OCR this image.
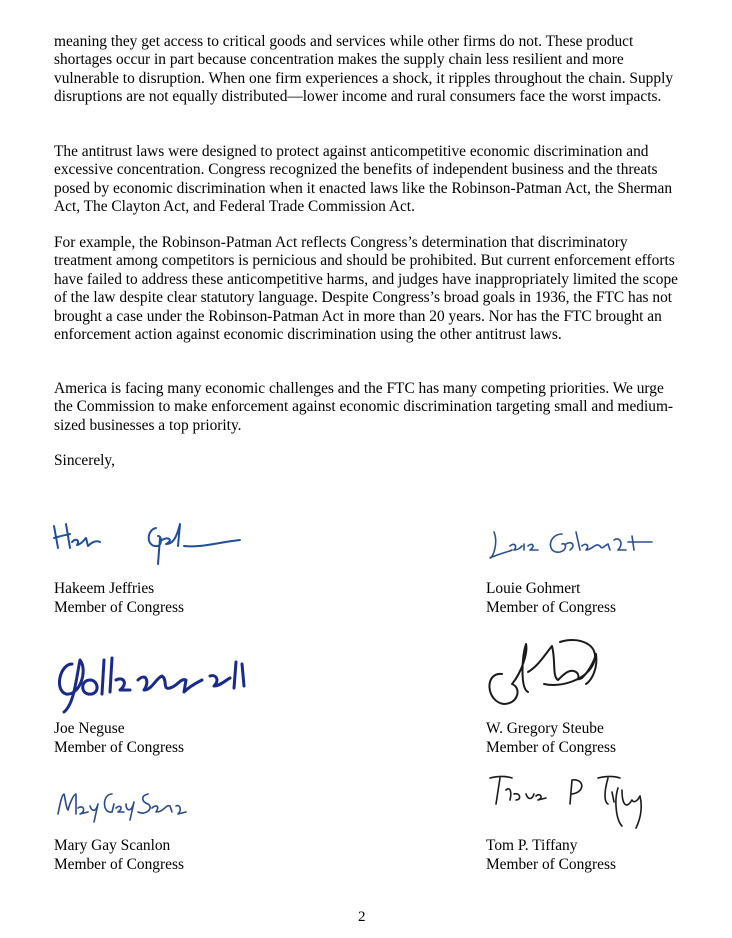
meaning they get access to critical goods and services while other firms do not. These product shortages occur in part because concentration makes the supply chain less resilient and more vulnerable to disruption. When one firm experiences a shock, it ripples throughout the chain. Supply disruptions are not equally distributed—lower income and rural consumers face the worst impacts.

The antitrust laws were designed to protect against anticompetitive economic discrimination and excessive concentration. Congress recognized the benefits of independent business and the threats posed by economic discrimination when it enacted laws like the Robinson-Patman Act, the Sherman Act, The Clayton Act, and Federal Trade Commission Act.

For example, the Robinson-Patman Act reflects Congress’s determination that discriminatory treatment among competitors is pernicious and should be prohibited. But current enforcement efforts have failed to address these anticompetitive harms, and judges have inappropriately limited the scope of the law despite clear statutory language. Despite Congress’s broad goals in 1936, the FTC has not brought a case under the Robinson-Patman Act in more than 20 years. Nor has the FTC brought an enforcement action against economic discrimination using the other antitrust laws.

America is facing many economic challenges and the FTC has many competing priorities. We urge the Commission to make enforcement against economic discrimination targeting small and medium-sized businesses a top priority.

Sincerely,

Hakeem Jeffries
Member of Congress
Louie Gohmert
Member of Congress
Joe Neguse
Member of Congress
W. Gregory Steube
Member of Congress
Mary Gay Scanlon
Member of Congress
Tom P. Tiffany
Member of Congress
2
